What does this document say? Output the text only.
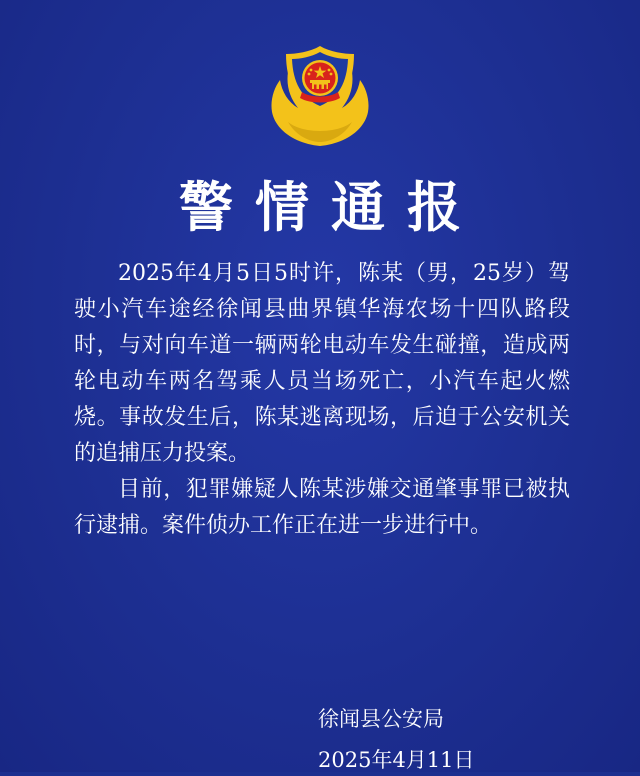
警情通报

2025年4月5日5时许，陈某（男，25岁）驾驶小汽车途经徐闻县曲界镇华海农场十四队路段时，与对向车道一辆两轮电动车发生碰撞，造成两轮电动车两名驾乘人员当场死亡，小汽车起火燃烧。事故发生后，陈某逃离现场，后迫于公安机关的追捕压力投案。

目前，犯罪嫌疑人陈某涉嫌交通肇事罪已被执行逮捕。案件侦办工作正在进一步进行中。

徐闻县公安局
2025年4月11日
